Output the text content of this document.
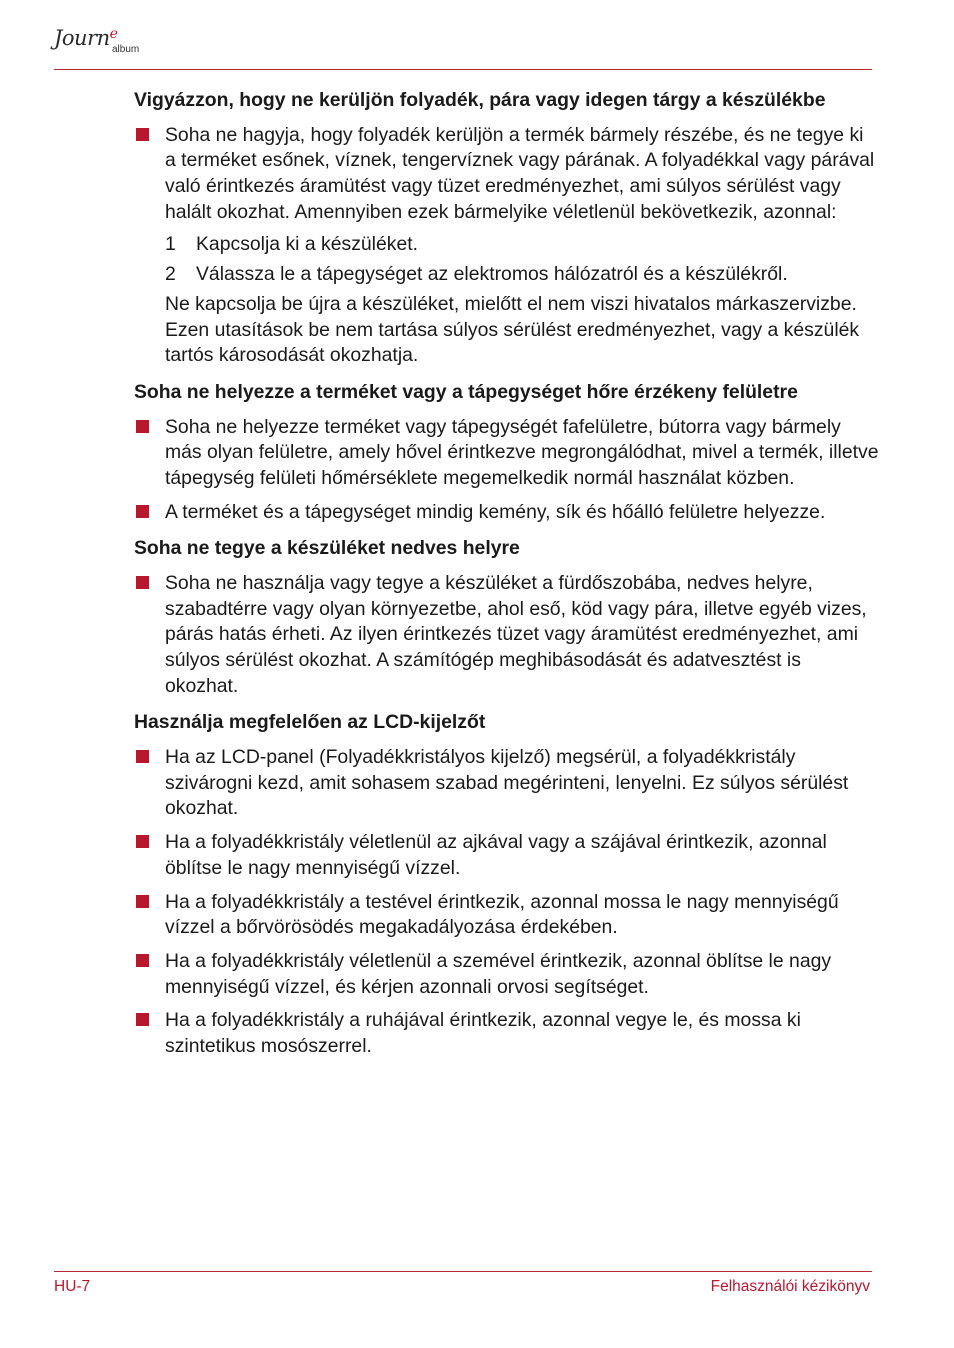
Journ$^e$
album
Vigyázzon, hogy ne kerüljön folyadék, pára vagy idegen tárgy a készülékbe
Soha ne hagyja, hogy folyadék kerüljön a termék bármely részébe, és ne tegye ki a terméket esőnek, víznek, tengervíznek vagy párának. A folyadékkal vagy párával való érintkezés áramütést vagy tüzet eredményezhet, ami súlyos sérülést vagy halált okozhat. Amennyiben ezek bármelyike véletlenül bekövetkezik, azonnal:
1 Kapcsolja ki a készüléket.
2 Válassza le a tápegységet az elektromos hálózatról és a készülékről.
Ne kapcsolja be újra a készüléket, mielőtt el nem viszi hivatalos márkaszervizbe. Ezen utasítások be nem tartása súlyos sérülést eredményezhet, vagy a készülék tartós károsodását okozhatja.
Soha ne helyezze a terméket vagy a tápegységet hőre érzékeny felületre
Soha ne helyezze terméket vagy tápegységét fafelületre, bútorra vagy bármely más olyan felületre, amely hővel érintkezve megrongálódhat, mivel a termék, illetve tápegység felületi hőmérséklete megemelkedik normál használat közben.
A terméket és a tápegységet mindig kemény, sík és hőálló felületre helyezze.
Soha ne tegye a készüléket nedves helyre
Soha ne használja vagy tegye a készüléket a fürdőszobába, nedves helyre, szabadtérre vagy olyan környezetbe, ahol eső, köd vagy pára, illetve egyéb vizes, párás hatás érheti. Az ilyen érintkezés tüzet vagy áramütést eredményezhet, ami súlyos sérülést okozhat. A számítógép meghibásodását és adatvesztést is okozhat.
Használja megfelelően az LCD-kijelzőt
Ha az LCD-panel (Folyadékkristályos kijelző) megsérül, a folyadékkristály szivárogni kezd, amit sohasem szabad megérinteni, lenyelni. Ez súlyos sérülést okozhat.
Ha a folyadékkristály véletlenül az ajkával vagy a szájával érintkezik, azonnal öblítse le nagy mennyiségű vízzel.
Ha a folyadékkristály a testével érintkezik, azonnal mossa le nagy mennyiségű vízzel a bőrvörösödés megakadályozása érdekében.
Ha a folyadékkristály véletlenül a szemével érintkezik, azonnal öblítse le nagy mennyiségű vízzel, és kérjen azonnali orvosi segítséget.
Ha a folyadékkristály a ruhájával érintkezik, azonnal vegye le, és mossa ki szintetikus mosószerrel.
HU-7	Felhasználói kézikönyv
